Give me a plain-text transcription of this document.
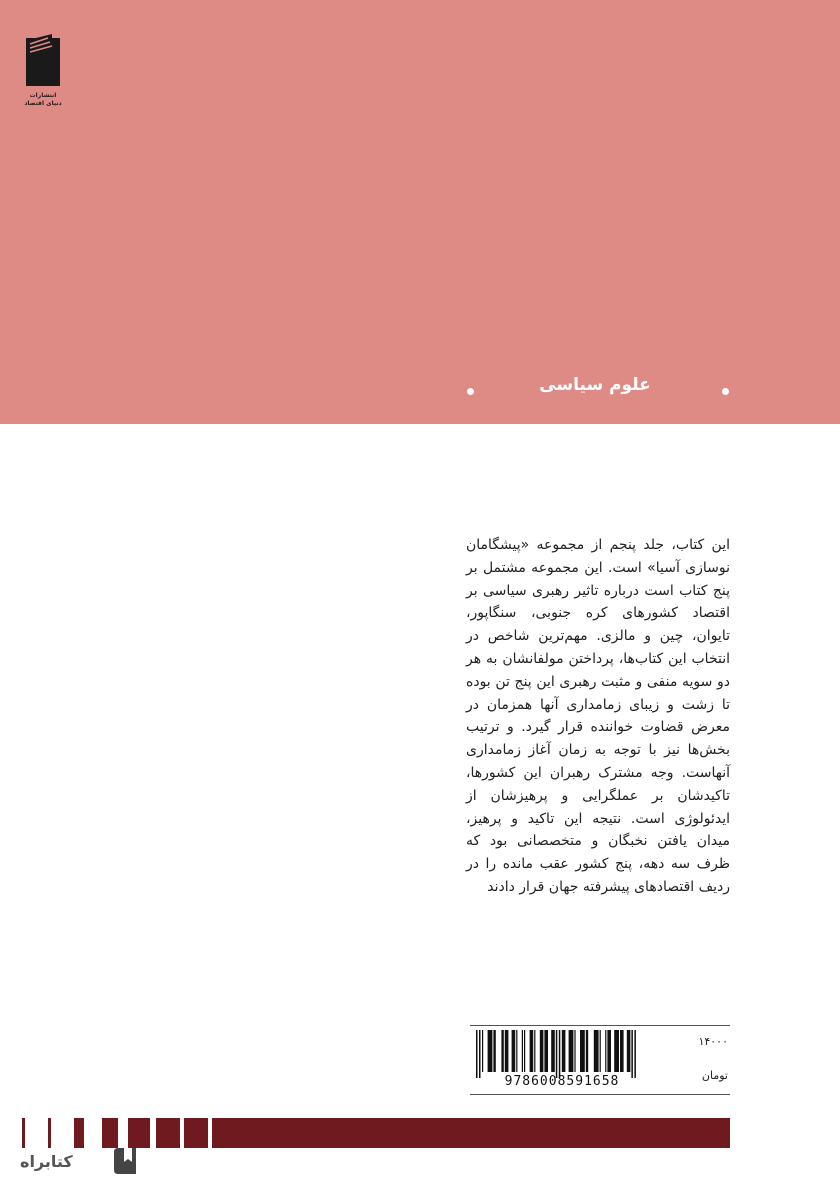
انتشارات دنیای اقتصاد
علوم سیاسی

این کتاب، جلد پنجم از مجموعه «پیشگامان نوسازی آسیا» است. این مجموعه مشتمل بر پنج کتاب است درباره تاثیر رهبری سیاسی بر اقتصاد کشورهای کره جنوبی، سنگاپور، تایوان، چین و مالزی. مهم‌ترین شاخص در انتخاب این کتاب‌ها، پرداختن مولفانشان به هر دو سویه منفی و مثبت رهبری این پنج تن بوده تا زشت و زیبای زمامداری آنها همزمان در معرض قضاوت خواننده قرار گیرد. و ترتیب بخش‌ها نیز با توجه به زمان آغاز زمامداری آنهاست. وجه مشترک رهبران این کشورها، تاکیدشان بر عملگرایی و پرهیزشان از ایدئولوژی است. نتیجه این تاکید و پرهیز، میدان یافتن نخبگان و متخصصانی بود که ظرف سه دهه، پنج کشور عقب مانده را در ردیف اقتصادهای پیشرفته جهان قرار دادند

9786008591658
۱۴۰۰۰
تومان
کتابراه
